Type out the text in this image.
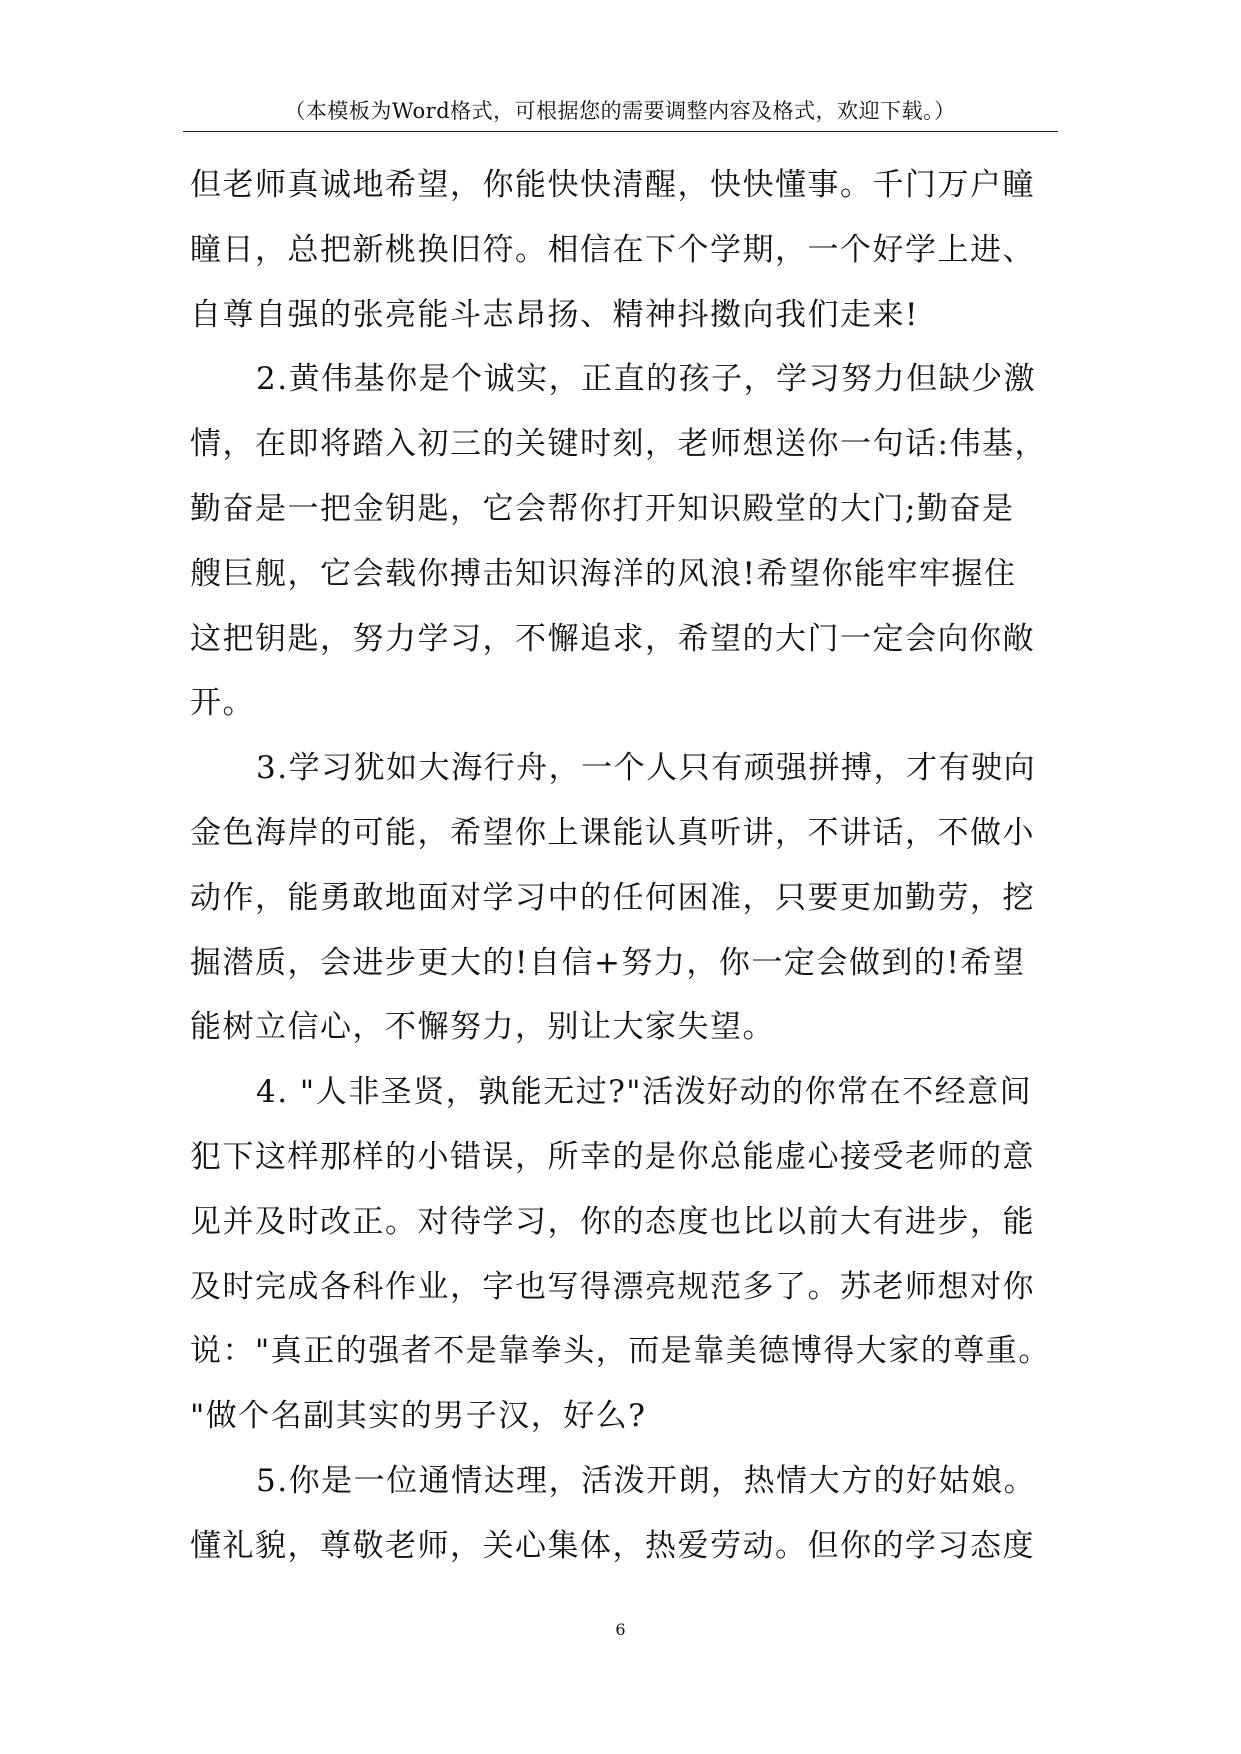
（本模板为Word格式，可根据您的需要调整内容及格式，欢迎下载。）
但老师真诚地希望，你能快快清醒，快快懂事。千门万户瞳
瞳日，总把新桃换旧符。相信在下个学期，一个好学上进、
自尊自强的张亮能斗志昂扬、精神抖擞向我们走来!
2.黄伟基你是个诚实，正直的孩子，学习努力但缺少激
情，在即将踏入初三的关键时刻，老师想送你一句话:伟基，
勤奋是一把金钥匙，它会帮你打开知识殿堂的大门;勤奋是
艘巨舰，它会载你搏击知识海洋的风浪!希望你能牢牢握住
这把钥匙，努力学习，不懈追求，希望的大门一定会向你敞
开。
3.学习犹如大海行舟，一个人只有顽强拼搏，才有驶向
金色海岸的可能，希望你上课能认真听讲，不讲话，不做小
动作，能勇敢地面对学习中的任何困准，只要更加勤劳，挖
掘潜质，会进步更大的!自信+努力，你一定会做到的!希望
能树立信心，不懈努力，别让大家失望。
4. "人非圣贤，孰能无过?"活泼好动的你常在不经意间
犯下这样那样的小错误，所幸的是你总能虚心接受老师的意
见并及时改正。对待学习，你的态度也比以前大有进步，能
及时完成各科作业，字也写得漂亮规范多了。苏老师想对你
说："真正的强者不是靠拳头，而是靠美德博得大家的尊重。
"做个名副其实的男子汉，好么?
5.你是一位通情达理，活泼开朗，热情大方的好姑娘。
懂礼貌，尊敬老师，关心集体，热爱劳动。但你的学习态度
6
